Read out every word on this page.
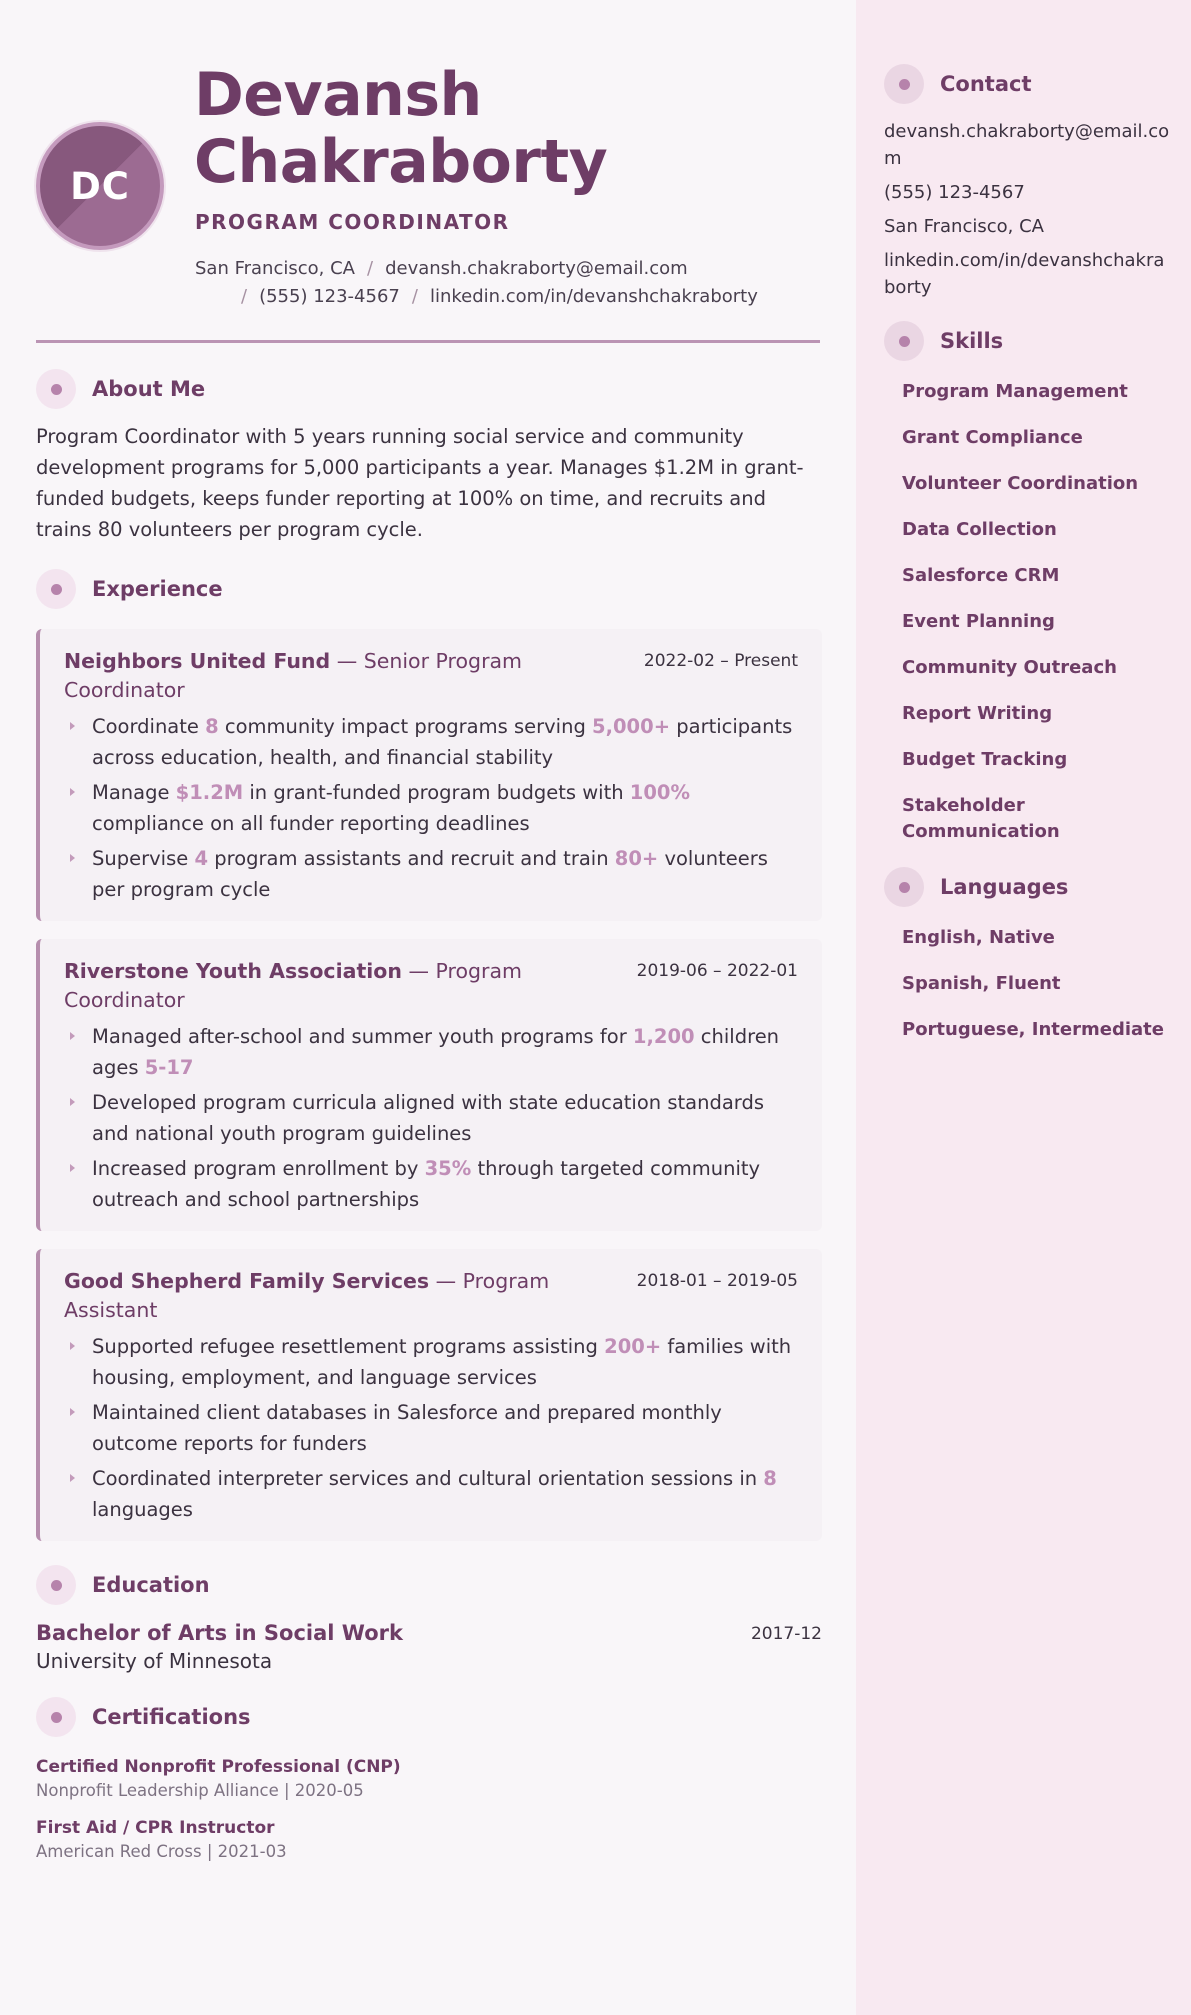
DC
Devansh Chakraborty
PROGRAM COORDINATOR
San Francisco, CA / devansh.chakraborty@email.com
/ (555) 123-4567 / linkedin.com/in/devanshchakraborty
About Me

Program Coordinator with 5 years running social service and community development programs for 5,000 participants a year. Manages $1.2M in grant-funded budgets, keeps funder reporting at 100% on time, and recruits and trains 80 volunteers per program cycle.

Experience
Neighbors United Fund — Senior Program Coordinator
2022-02 – Present
Coordinate 8 community impact programs serving 5,000+ participants across education, health, and financial stability
Manage $1.2M in grant-funded program budgets with 100% compliance on all funder reporting deadlines
Supervise 4 program assistants and recruit and train 80+ volunteers per program cycle
Riverstone Youth Association — Program Coordinator
2019-06 – 2022-01
Managed after-school and summer youth programs for 1,200 children ages 5-17
Developed program curricula aligned with state education standards and national youth program guidelines
Increased program enrollment by 35% through targeted community outreach and school partnerships
Good Shepherd Family Services — Program Assistant
2018-01 – 2019-05
Supported refugee resettlement programs assisting 200+ families with housing, employment, and language services
Maintained client databases in Salesforce and prepared monthly outcome reports for funders
Coordinated interpreter services and cultural orientation sessions in 8 languages
Education
Bachelor of Arts in Social Work	2017-12
University of Minnesota
Certifications
Certified Nonprofit Professional (CNP)
Nonprofit Leadership Alliance | 2020-05
First Aid / CPR Instructor
American Red Cross | 2021-03
Contact
devansh.chakraborty@email.com
(555) 123-4567
San Francisco, CA
linkedin.com/in/devanshchakraborty
Skills
Program Management
Grant Compliance
Volunteer Coordination
Data Collection
Salesforce CRM
Event Planning
Community Outreach
Report Writing
Budget Tracking
Stakeholder Communication
Languages
English, Native
Spanish, Fluent
Portuguese, Intermediate
